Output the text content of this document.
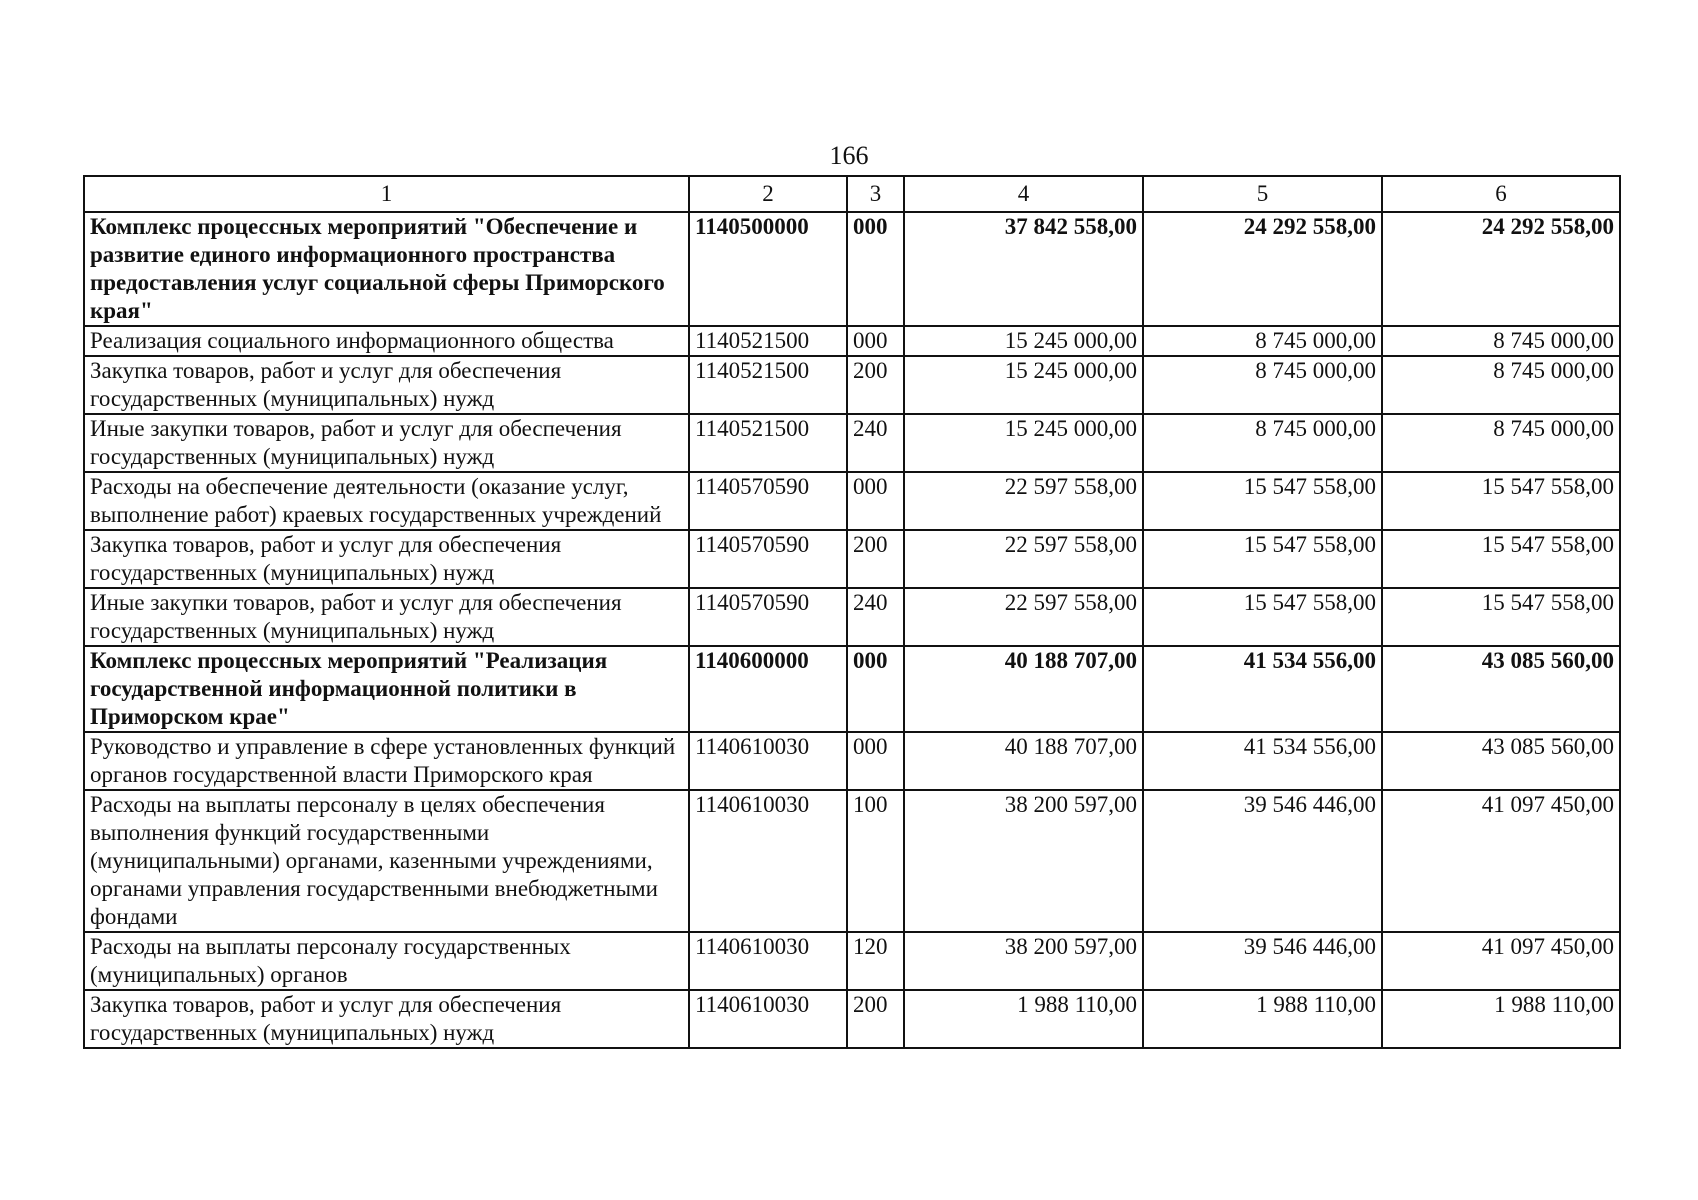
166
1	2	3	4	5	6
Комплекс процессных мероприятий "Обеспечение и развитие единого информационного пространства предоставления услуг социальной сферы Приморского края"	1140500000	000	37 842 558,00	24 292 558,00	24 292 558,00
Реализация социального информационного общества	1140521500	000	15 245 000,00	8 745 000,00	8 745 000,00
Закупка товаров, работ и услуг для обеспечения государственных (муниципальных) нужд	1140521500	200	15 245 000,00	8 745 000,00	8 745 000,00
Иные закупки товаров, работ и услуг для обеспечения государственных (муниципальных) нужд	1140521500	240	15 245 000,00	8 745 000,00	8 745 000,00
Расходы на обеспечение деятельности (оказание услуг, выполнение работ) краевых государственных учреждений	1140570590	000	22 597 558,00	15 547 558,00	15 547 558,00
Закупка товаров, работ и услуг для обеспечения государственных (муниципальных) нужд	1140570590	200	22 597 558,00	15 547 558,00	15 547 558,00
Иные закупки товаров, работ и услуг для обеспечения государственных (муниципальных) нужд	1140570590	240	22 597 558,00	15 547 558,00	15 547 558,00
Комплекс процессных мероприятий "Реализация государственной информационной политики в Приморском крае"	1140600000	000	40 188 707,00	41 534 556,00	43 085 560,00
Руководство и управление в сфере установленных функций органов государственной власти Приморского края	1140610030	000	40 188 707,00	41 534 556,00	43 085 560,00
Расходы на выплаты персоналу в целях обеспечения выполнения функций государственными (муниципальными) органами, казенными учреждениями, органами управления государственными внебюджетными фондами	1140610030	100	38 200 597,00	39 546 446,00	41 097 450,00
Расходы на выплаты персоналу государственных (муниципальных) органов	1140610030	120	38 200 597,00	39 546 446,00	41 097 450,00
Закупка товаров, работ и услуг для обеспечения государственных (муниципальных) нужд	1140610030	200	1 988 110,00	1 988 110,00	1 988 110,00
